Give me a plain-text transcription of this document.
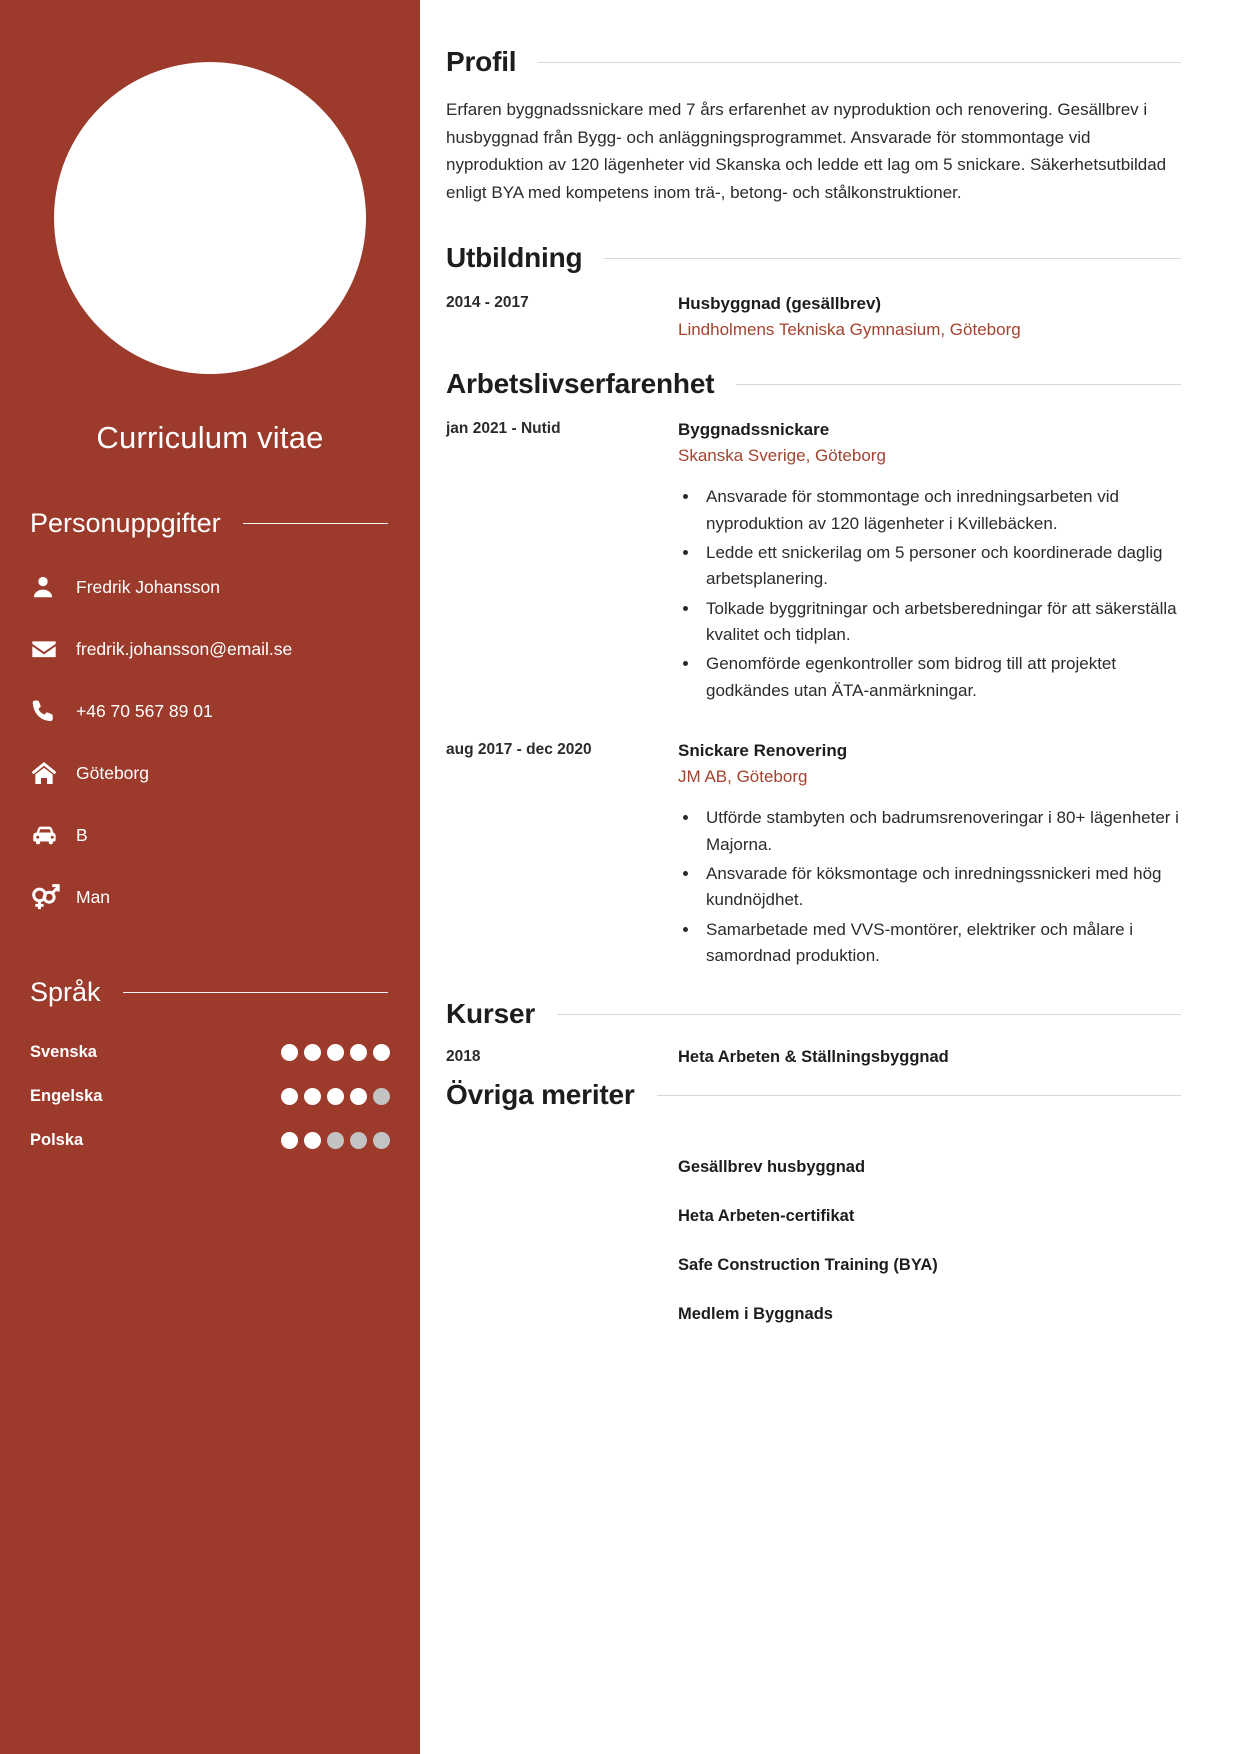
Curriculum vitae
Personuppgifter
Fredrik Johansson
fredrik.johansson@email.se
+46 70 567 89 01
Göteborg
B
Man
Språk
Svenska
Engelska
Polska
Profil

Erfaren byggnadssnickare med 7 års erfarenhet av nyproduktion och renovering. Gesällbrev i husbyggnad från Bygg- och anläggningsprogrammet. Ansvarade för stommontage vid nyproduktion av 120 lägenheter vid Skanska och ledde ett lag om 5 snickare. Säkerhetsutbildad enligt BYA med kompetens inom trä-, betong- och stålkonstruktioner.

Utbildning
2014 - 2017	Husbyggnad (gesällbrev)
Lindholmens Tekniska Gymnasium, Göteborg
Arbetslivserfarenhet
jan 2021 - Nutid	Byggnadssnickare
Skanska Sverige, Göteborg
• Ansvarade för stommontage och inredningsarbeten vid nyproduktion av 120 lägenheter i Kvillebäcken.
• Ledde ett snickerilag om 5 personer och koordinerade daglig arbetsplanering.
• Tolkade byggritningar och arbetsberedningar för att säkerställa kvalitet och tidplan.
• Genomförde egenkontroller som bidrog till att projektet godkändes utan ÄTA-anmärkningar.
aug 2017 - dec 2020	Snickare Renovering
JM AB, Göteborg
• Utförde stambyten och badrumsrenoveringar i 80+ lägenheter i Majorna.
• Ansvarade för köksmontage och inredningssnickeri med hög kundnöjdhet.
• Samarbetade med VVS-montörer, elektriker och målare i samordnad produktion.
Kurser
2018	Heta Arbeten & Ställningsbyggnad
Övriga meriter
Gesällbrev husbyggnad
Heta Arbeten-certifikat
Safe Construction Training (BYA)
Medlem i Byggnads
